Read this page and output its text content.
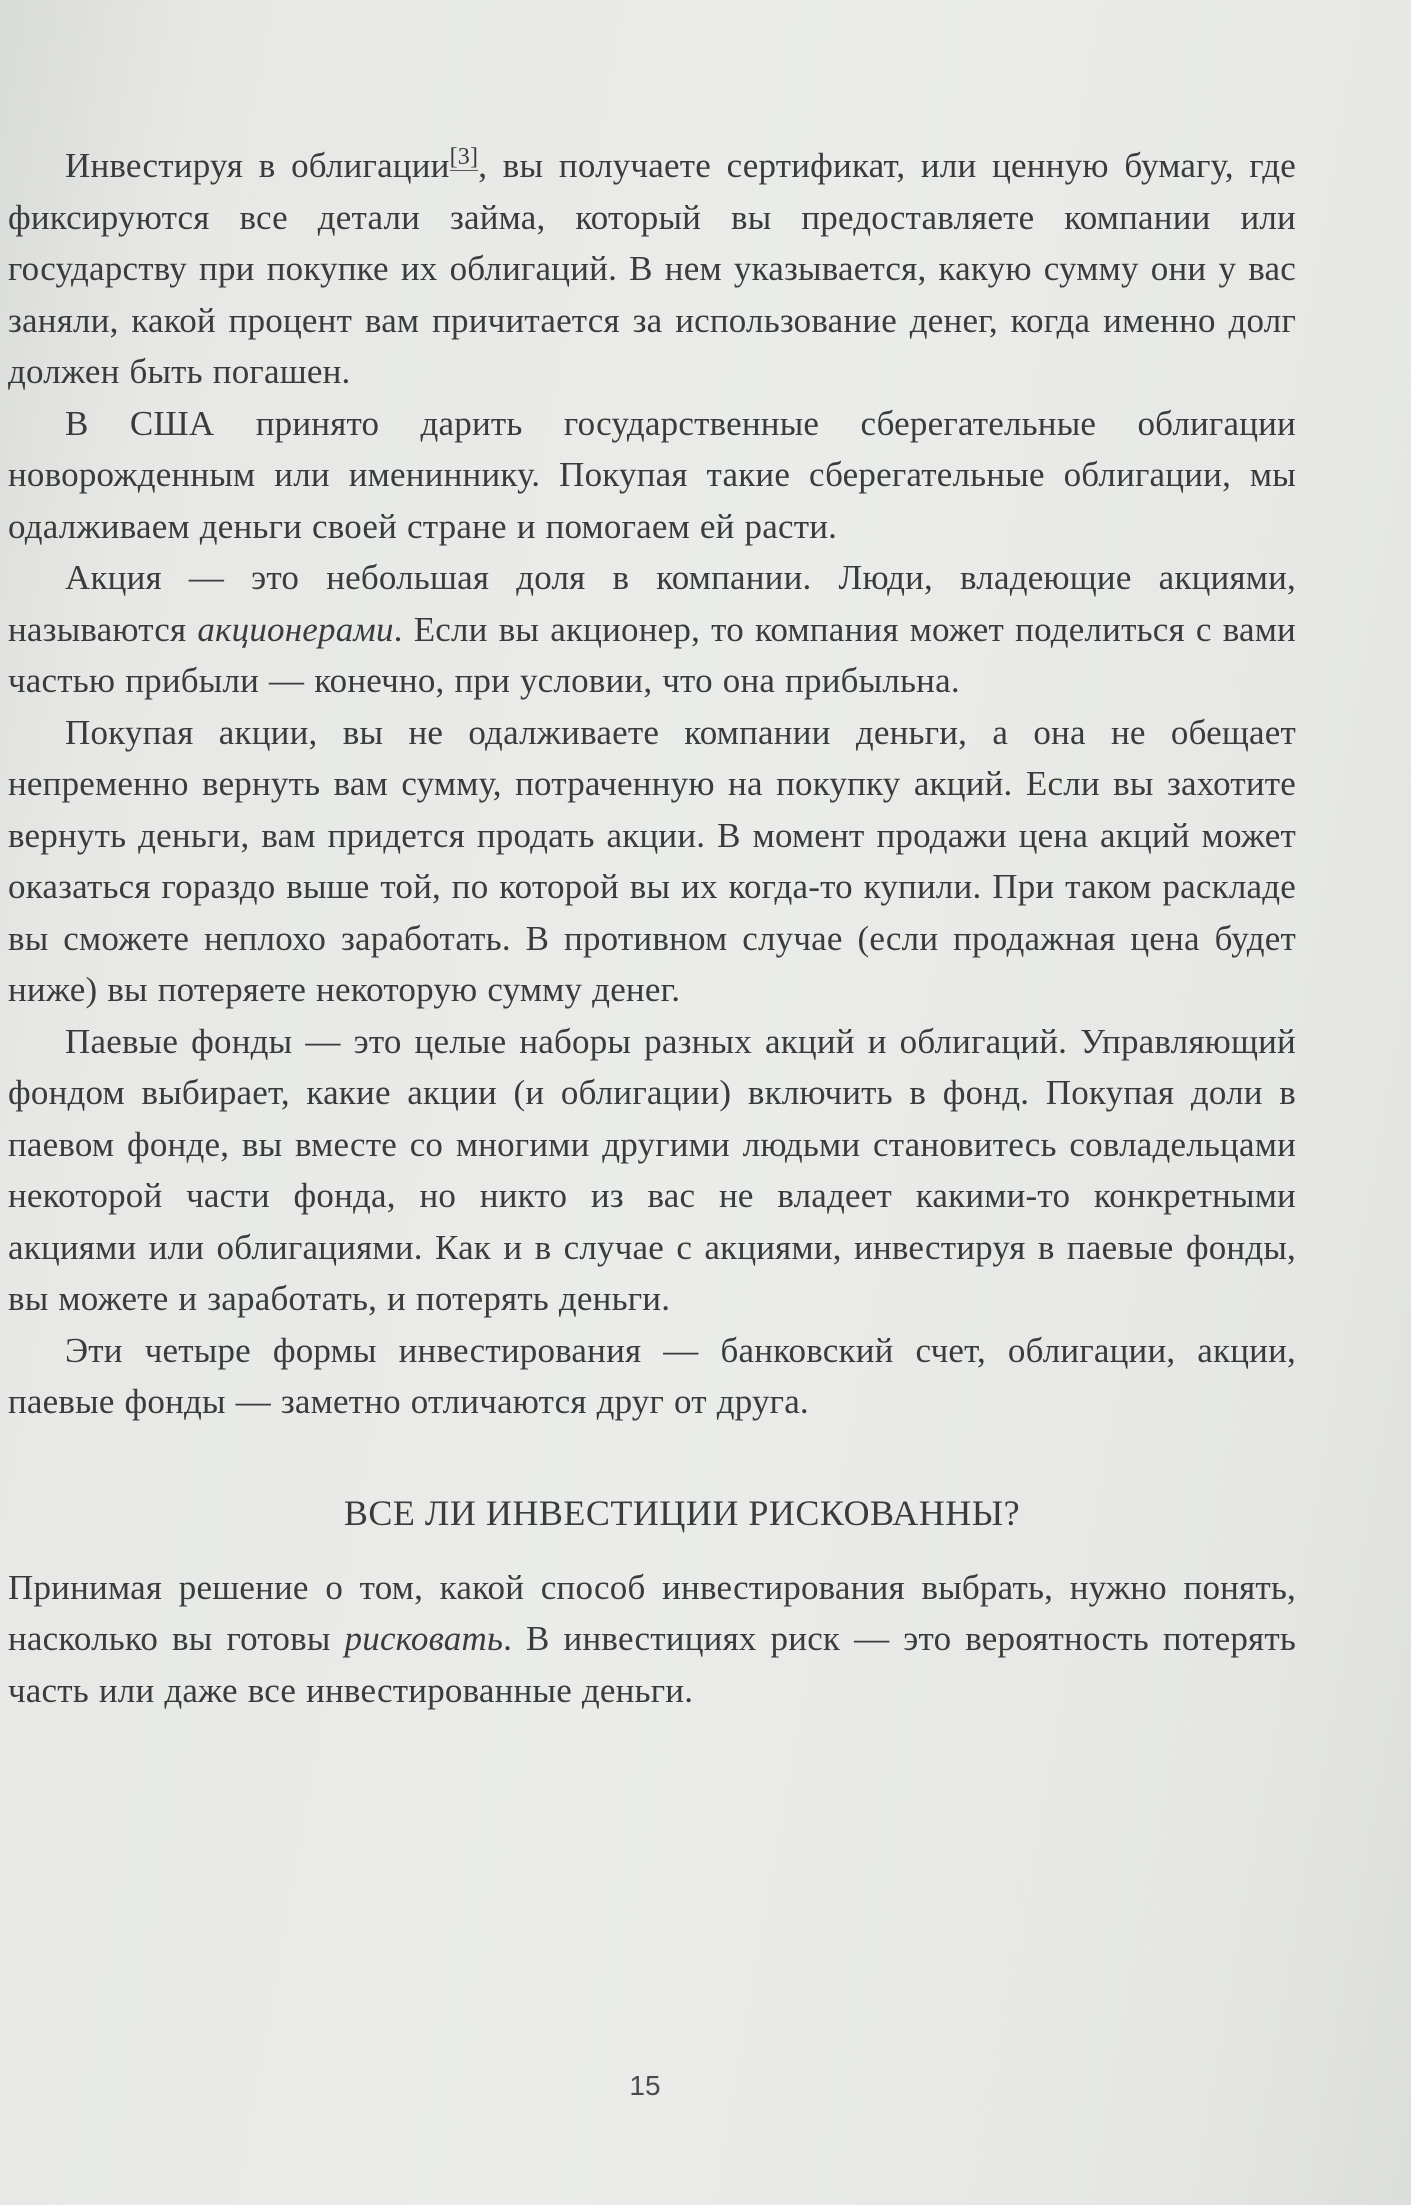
Инвестируя в облигации[3], вы получаете сертификат, или ценную бумагу, где фиксируются все детали займа, который вы предоставляете компании или государству при покупке их облигаций. В нем указывается, какую сумму они у вас заняли, какой процент вам причитается за использование денег, когда именно долг должен быть погашен.

В США принято дарить государственные сберегательные облигации новорожденным или имениннику. Покупая такие сберегательные облигации, мы одалживаем деньги своей стране и помогаем ей расти.

Акция — это небольшая доля в компании. Люди, владеющие акциями, называются акционерами. Если вы акционер, то компания может поделиться с вами частью прибыли — конечно, при условии, что она прибыльна.

Покупая акции, вы не одалживаете компании деньги, а она не обещает непременно вернуть вам сумму, потраченную на покупку акций. Если вы захотите вернуть деньги, вам придется продать акции. В момент продажи цена акций может оказаться гораздо выше той, по которой вы их когда-то купили. При таком раскладе вы сможете неплохо заработать. В противном случае (если продажная цена будет ниже) вы потеряете некоторую сумму денег.

Паевые фонды — это целые наборы разных акций и облигаций. Управляющий фондом выбирает, какие акции (и облигации) включить в фонд. Покупая доли в паевом фонде, вы вместе со многими другими людьми становитесь совладельцами некоторой части фонда, но никто из вас не владеет какими-то конкретными акциями или облигациями. Как и в случае с акциями, инвестируя в паевые фонды, вы можете и заработать, и потерять деньги.

Эти четыре формы инвестирования — банковский счет, облигации, акции, паевые фонды — заметно отличаются друг от друга.

ВСЕ ЛИ ИНВЕСТИЦИИ РИСКОВАННЫ?

Принимая решение о том, какой способ инвестирования выбрать, нужно понять, насколько вы готовы рисковать. В инвестициях риск — это вероятность потерять часть или даже все инвестированные деньги.

15
